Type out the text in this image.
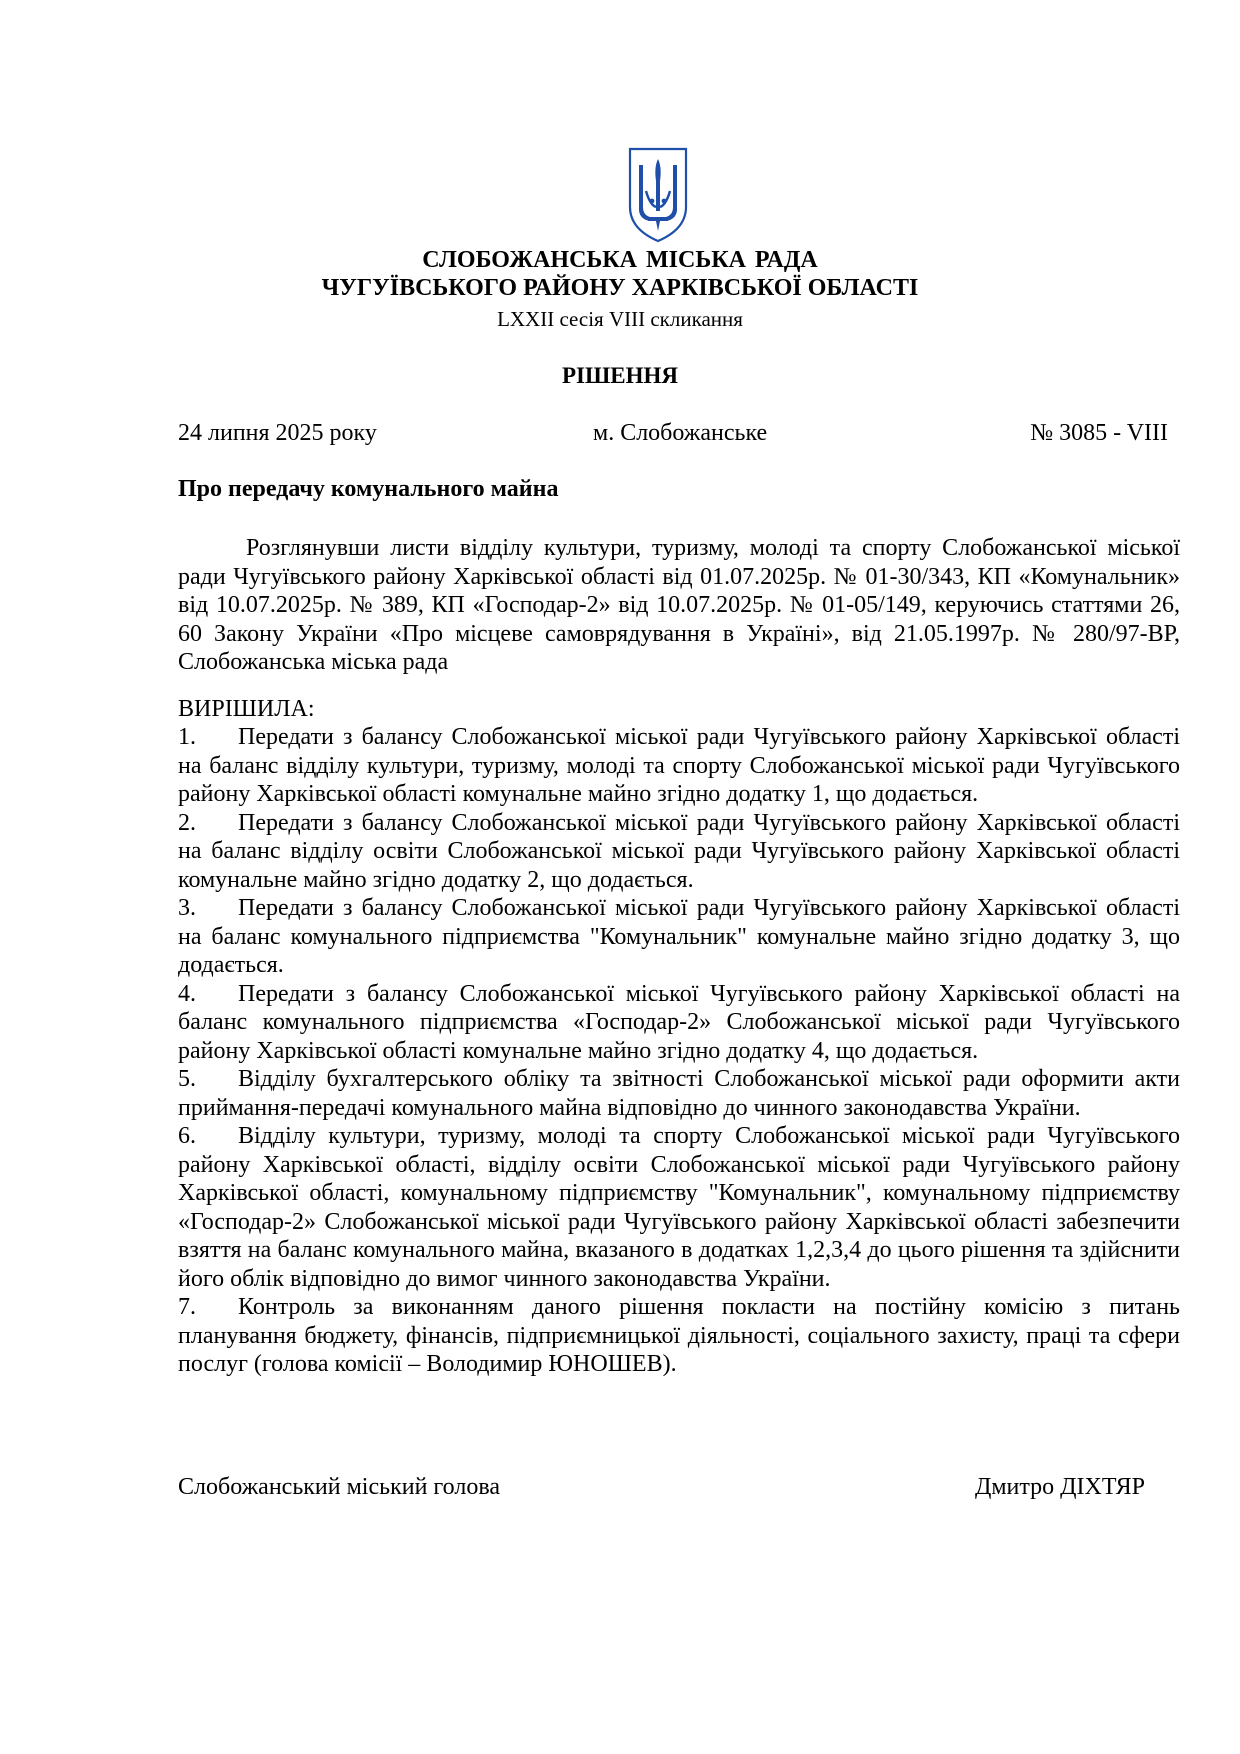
СЛОБОЖАНСЬКА МІСЬКА РАДА
ЧУГУЇВСЬКОГО РАЙОНУ ХАРКІВСЬКОЇ ОБЛАСТІ
LXXII сесія VIII скликання
РІШЕННЯ
24 липня 2025 року	м. Слобожанське	№ 3085 - VIII
Про передачу комунального майна
Розглянувши листи відділу культури, туризму, молоді та спорту Слобожанської міської ради Чугуївського району Харківської області від 01.07.2025р. № 01-30/343, КП «Комунальник» від 10.07.2025р. № 389, КП «Господар-2» від 10.07.2025р. № 01-05/149, керуючись статтями 26, 60 Закону України «Про місцеве самоврядування в Україні», від 21.05.1997р. № 280/97-ВР, Слобожанська міська рада
ВИРІШИЛА:
1. Передати з балансу Слобожанської міської ради Чугуївського району Харківської області на баланс відділу культури, туризму, молоді та спорту Слобожанської міської ради Чугуївського району Харківської області комунальне майно згідно додатку 1, що додається.
2. Передати з балансу Слобожанської міської ради Чугуївського району Харківської області на баланс відділу освіти Слобожанської міської ради Чугуївського району Харківської області комунальне майно згідно додатку 2, що додається.
3. Передати з балансу Слобожанської міської ради Чугуївського району Харківської області на баланс комунального підприємства "Комунальник" комунальне майно згідно додатку 3, що додається.
4. Передати з балансу Слобожанської міської Чугуївського району Харківської області на баланс комунального підприємства «Господар-2» Слобожанської міської ради Чугуївського району Харківської області комунальне майно згідно додатку 4, що додається.
5. Відділу бухгалтерського обліку та звітності Слобожанської міської ради оформити акти приймання-передачі комунального майна відповідно до чинного законодавства України.
6. Відділу культури, туризму, молоді та спорту Слобожанської міської ради Чугуївського району Харківської області, відділу освіти Слобожанської міської ради Чугуївського району Харківської області, комунальному підприємству "Комунальник", комунальному підприємству «Господар-2» Слобожанської міської ради Чугуївського району Харківської області забезпечити взяття на баланс комунального майна, вказаного в додатках 1,2,3,4 до цього рішення та здійснити його облік відповідно до вимог чинного законодавства України.
7. Контроль за виконанням даного рішення покласти на постійну комісію з питань планування бюджету, фінансів, підприємницької діяльності, соціального захисту, праці та сфери послуг (голова комісії – Володимир ЮНОШЕВ).
Слобожанський міський голова	Дмитро ДІХТЯР
